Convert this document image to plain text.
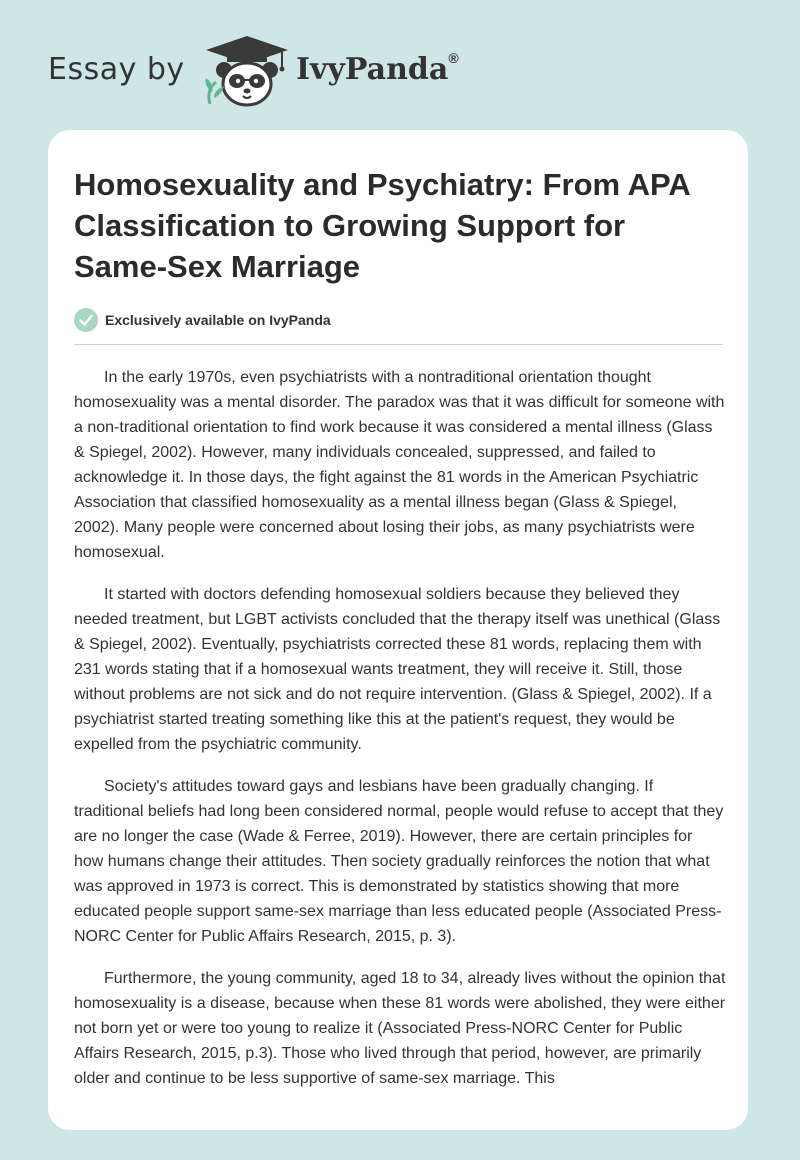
Essay by	IvyPanda®
Homosexuality and Psychiatry: From APA Classification to Growing Support for Same-Sex Marriage
Exclusively available on IvyPanda

In the early 1970s, even psychiatrists with a nontraditional orientation thought homosexuality was a mental disorder. The paradox was that it was difficult for someone with a non-traditional orientation to find work because it was considered a mental illness (Glass & Spiegel, 2002). However, many individuals concealed, suppressed, and failed to acknowledge it. In those days, the fight against the 81 words in the American Psychiatric Association that classified homosexuality as a mental illness began (Glass & Spiegel, 2002). Many people were concerned about losing their jobs, as many psychiatrists were homosexual.

It started with doctors defending homosexual soldiers because they believed they needed treatment, but LGBT activists concluded that the therapy itself was unethical (Glass & Spiegel, 2002). Eventually, psychiatrists corrected these 81 words, replacing them with 231 words stating that if a homosexual wants treatment, they will receive it. Still, those without problems are not sick and do not require intervention. (Glass & Spiegel, 2002). If a psychiatrist started treating something like this at the patient's request, they would be expelled from the psychiatric community.

Society's attitudes toward gays and lesbians have been gradually changing. If traditional beliefs had long been considered normal, people would refuse to accept that they are no longer the case (Wade & Ferree, 2019). However, there are certain principles for how humans change their attitudes. Then society gradually reinforces the notion that what was approved in 1973 is correct. This is demonstrated by statistics showing that more educated people support same-sex marriage than less educated people (Associated Press-NORC Center for Public Affairs Research, 2015, p. 3).

Furthermore, the young community, aged 18 to 34, already lives without the opinion that homosexuality is a disease, because when these 81 words were abolished, they were either not born yet or were too young to realize it (Associated Press-NORC Center for Public Affairs Research, 2015, p.3). Those who lived through that period, however, are primarily older and continue to be less supportive of same-sex marriage. This
